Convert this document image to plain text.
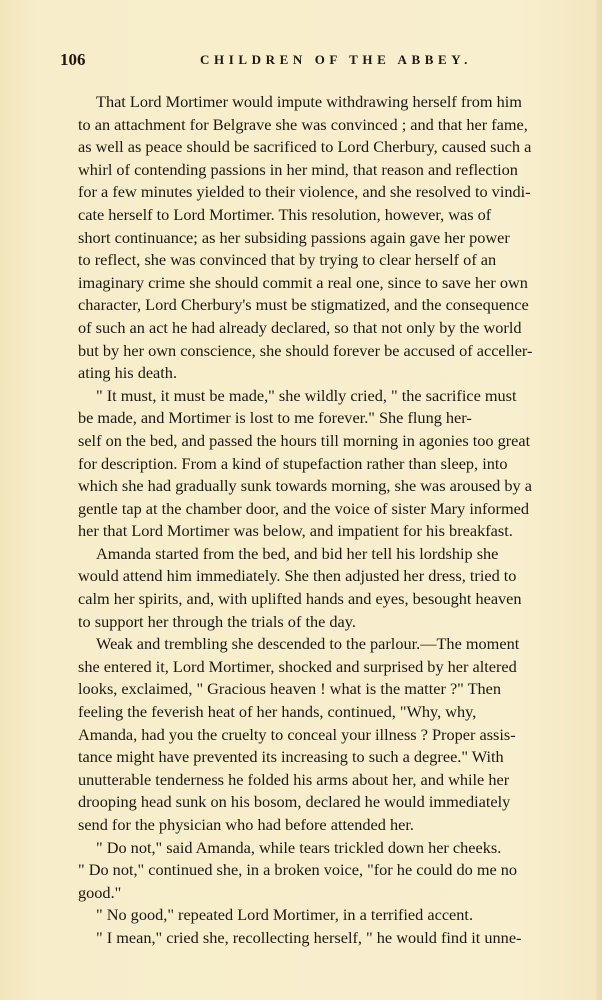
106	CHILDREN OF THE ABBEY.
That Lord Mortimer would impute withdrawing herself from him
to an attachment for Belgrave she was convinced ; and that her fame,
as well as peace should be sacrificed to Lord Cherbury, caused such a
whirl of contending passions in her mind, that reason and reflection
for a few minutes yielded to their violence, and she resolved to vindi-
cate herself to Lord Mortimer. This resolution, however, was of
short continuance; as her subsiding passions again gave her power
to reflect, she was convinced that by trying to clear herself of an
imaginary crime she should commit a real one, since to save her own
character, Lord Cherbury's must be stigmatized, and the consequence
of such an act he had already declared, so that not only by the world
but by her own conscience, she should forever be accused of acceller-
ating his death.
" It must, it must be made," she wildly cried, " the sacrifice must
be made, and Mortimer is lost to me forever." She flung her-
self on the bed, and passed the hours till morning in agonies too great
for description. From a kind of stupefaction rather than sleep, into
which she had gradually sunk towards morning, she was aroused by a
gentle tap at the chamber door, and the voice of sister Mary informed
her that Lord Mortimer was below, and impatient for his breakfast.
Amanda started from the bed, and bid her tell his lordship she
would attend him immediately. She then adjusted her dress, tried to
calm her spirits, and, with uplifted hands and eyes, besought heaven
to support her through the trials of the day.
Weak and trembling she descended to the parlour.—The moment
she entered it, Lord Mortimer, shocked and surprised by her altered
looks, exclaimed, " Gracious heaven ! what is the matter ?" Then
feeling the feverish heat of her hands, continued, "Why, why,
Amanda, had you the cruelty to conceal your illness ? Proper assis-
tance might have prevented its increasing to such a degree." With
unutterable tenderness he folded his arms about her, and while her
drooping head sunk on his bosom, declared he would immediately
send for the physician who had before attended her.
" Do not," said Amanda, while tears trickled down her cheeks.
" Do not," continued she, in a broken voice, "for he could do me no
good."
" No good," repeated Lord Mortimer, in a terrified accent.
" I mean," cried she, recollecting herself, " he would find it unne-
